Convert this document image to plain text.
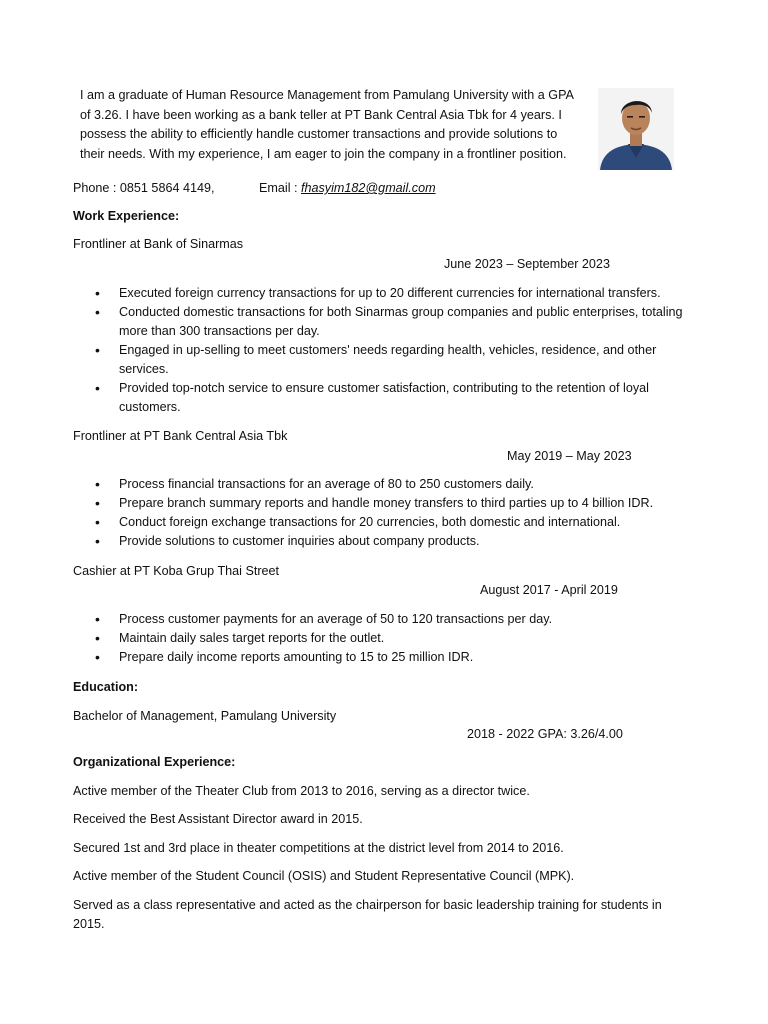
I am a graduate of Human Resource Management from Pamulang University with a GPA of 3.26. I have been working as a bank teller at PT Bank Central Asia Tbk for 4 years. I possess the ability to efficiently handle customer transactions and provide solutions to their needs. With my experience, I am eager to join the company in a frontliner position.

Phone : 0851 5864 4149,	Email : fhasyim182@gmail.com
Work Experience:
Frontliner at Bank of Sinarmas
June 2023 – September 2023
• Executed foreign currency transactions for up to 20 different currencies for international transfers.
• Conducted domestic transactions for both Sinarmas group companies and public enterprises, totaling more than 300 transactions per day.
• Engaged in up-selling to meet customers' needs regarding health, vehicles, residence, and other services.
• Provided top-notch service to ensure customer satisfaction, contributing to the retention of loyal customers.
Frontliner at PT Bank Central Asia Tbk
May 2019 – May 2023
• Process financial transactions for an average of 80 to 250 customers daily.
• Prepare branch summary reports and handle money transfers to third parties up to 4 billion IDR.
• Conduct foreign exchange transactions for 20 currencies, both domestic and international.
• Provide solutions to customer inquiries about company products.
Cashier at PT Koba Grup Thai Street
August 2017 - April 2019
• Process customer payments for an average of 50 to 120 transactions per day.
• Maintain daily sales target reports for the outlet.
• Prepare daily income reports amounting to 15 to 25 million IDR.
Education:
Bachelor of Management, Pamulang University
2018 - 2022 GPA: 3.26/4.00
Organizational Experience:
Active member of the Theater Club from 2013 to 2016, serving as a director twice.
Received the Best Assistant Director award in 2015.
Secured 1st and 3rd place in theater competitions at the district level from 2014 to 2016.
Active member of the Student Council (OSIS) and Student Representative Council (MPK).
Served as a class representative and acted as the chairperson for basic leadership training for students in 2015.
